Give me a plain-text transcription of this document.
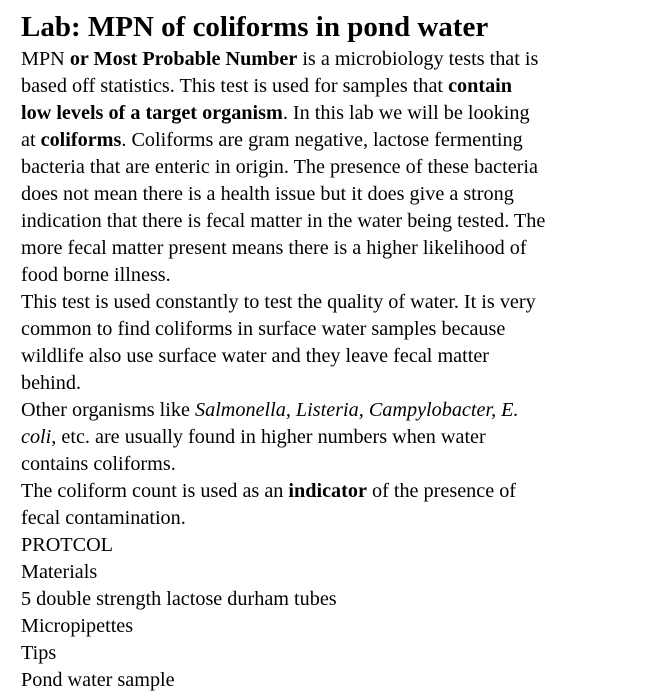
Lab: MPN of coliforms in pond water
MPN or Most Probable Number is a microbiology tests that is
based off statistics. This test is used for samples that contain
low levels of a target organism. In this lab we will be looking
at coliforms. Coliforms are gram negative, lactose fermenting
bacteria that are enteric in origin. The presence of these bacteria
does not mean there is a health issue but it does give a strong
indication that there is fecal matter in the water being tested. The
more fecal matter present means there is a higher likelihood of
food borne illness.
This test is used constantly to test the quality of water. It is very
common to find coliforms in surface water samples because
wildlife also use surface water and they leave fecal matter
behind.
Other organisms like Salmonella, Listeria, Campylobacter, E.
coli, etc. are usually found in higher numbers when water
contains coliforms.
The coliform count is used as an indicator of the presence of
fecal contamination.
PROTCOL
Materials
5 double strength lactose durham tubes
Micropipettes
Tips
Pond water sample
